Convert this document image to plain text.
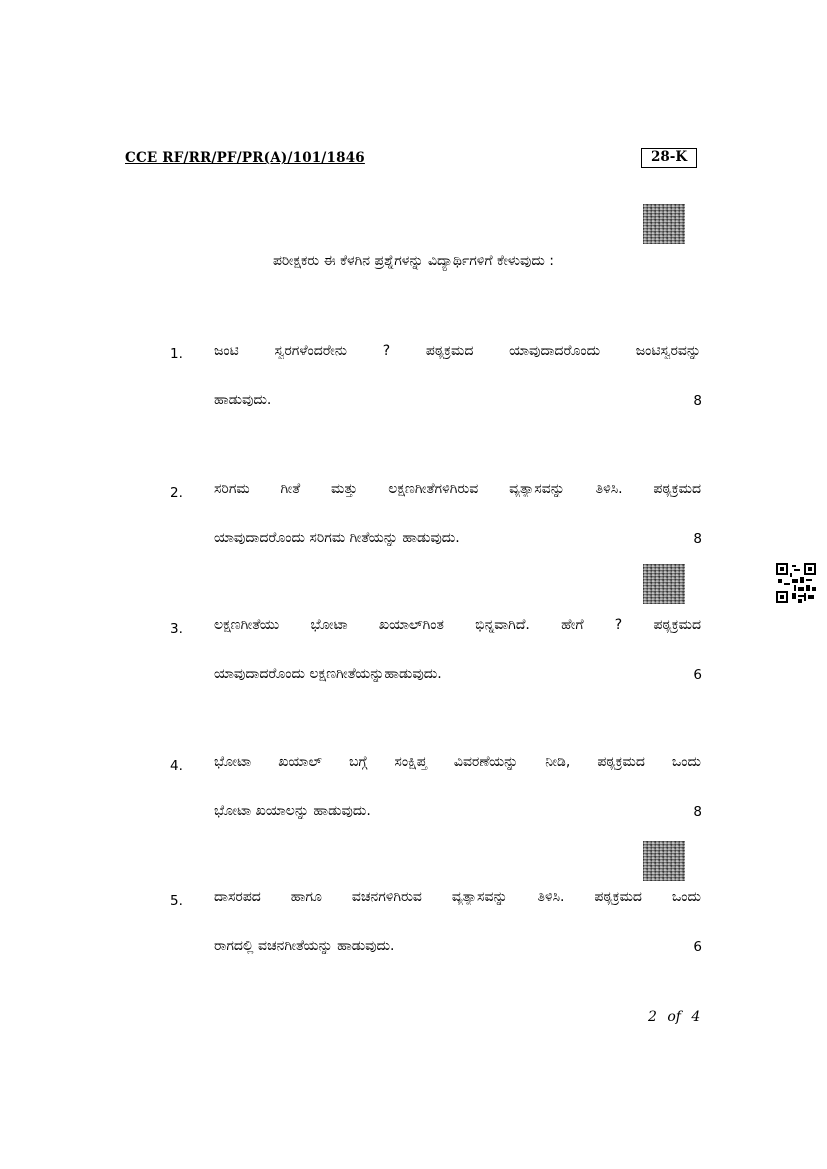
CCE RF/RR/PF/PR(A)/101/1846	28-K
ಪರೀಕ್ಷಕರು ಈ ಕೆಳಗಿನ ಪ್ರಶ್ನೆಗಳನ್ನು ವಿದ್ಯಾರ್ಥಿಗಳಿಗೆ ಕೇಳುವುದು :
1. ಜಂಟಿ ಸ್ವರಗಳೆಂದರೇನು ? ಪಠ್ಯಕ್ರಮದ ಯಾವುದಾದರೊಂದು ಜಂಟಿಸ್ವರವನ್ನು
ಹಾಡುವುದು.	8
2. ಸರಿಗಮ ಗೀತೆ ಮತ್ತು ಲಕ್ಷಣಗೀತೆಗಳಿಗಿರುವ ವ್ಯತ್ಯಾಸವನ್ನು ತಿಳಿಸಿ. ಪಠ್ಯಕ್ರಮದ
ಯಾವುದಾದರೊಂದು ಸರಿಗಮ ಗೀತೆಯನ್ನು ಹಾಡುವುದು.	8
3. ಲಕ್ಷಣಗೀತೆಯು ಭೋಟಾ ಖಯಾಲ್‌ಗಿಂತ ಭಿನ್ನವಾಗಿದೆ. ಹೇಗೆ ? ಪಠ್ಯಕ್ರಮದ
ಯಾವುದಾದರೊಂದು ಲಕ್ಷಣಗೀತೆಯನ್ನುಹಾಡುವುದು.	6
4. ಭೋಟಾ ಖಯಾಲ್ ಬಗ್ಗೆ ಸಂಕ್ಷಿಪ್ತ ವಿವರಣೆಯನ್ನು ನೀಡಿ, ಪಠ್ಯಕ್ರಮದ ಒಂದು
ಭೋಟಾ ಖಯಾಲನ್ನು ಹಾಡುವುದು.	8
5. ದಾಸರಪದ ಹಾಗೂ ವಚನಗಳಿಗಿರುವ ವ್ಯತ್ಯಾಸವನ್ನು ತಿಳಿಸಿ. ಪಠ್ಯಕ್ರಮದ ಒಂದು
ರಾಗದಲ್ಲಿ ವಚನಗೀತೆಯನ್ನು ಹಾಡುವುದು.	6
2 of 4
